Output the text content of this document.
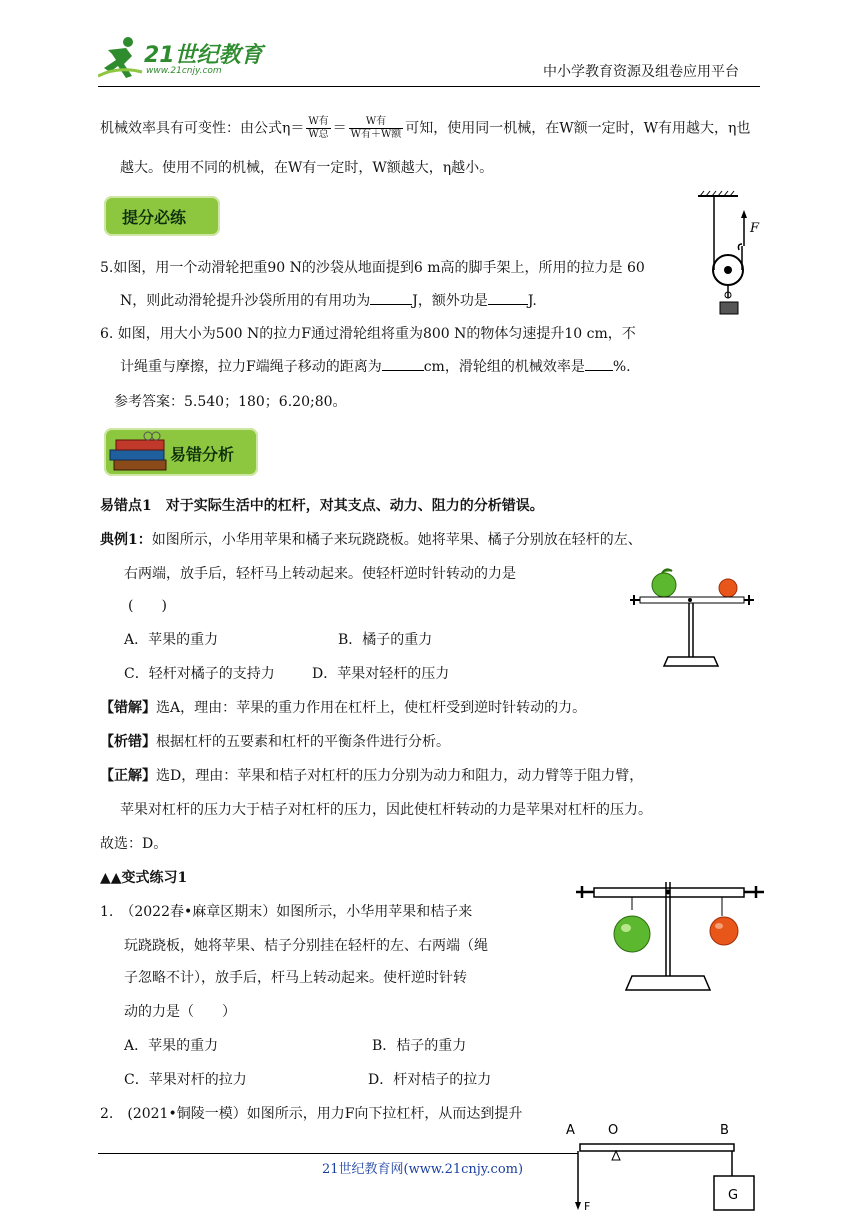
21世纪教育
www.21cnjy.com	中小学教育资源及组卷应用平台
机械效率具有可变性：由公式$\eta= \frac{\text{W有}}{\text{W总}} = \frac{\text{W有}}{\text{W有＋W额}}$ 可知，使用同一机械，在W额一定时，W有用越大，η也
越大。使用不同的机械，在W有一定时，W额越大，η越小。
提分必练
F
5.如图，用一个动滑轮把重90 N的沙袋从地面提到6 m高的脚手架上，所用的拉力是 60
N，则此动滑轮提升沙袋所用的有用功为	J，额外功是	J.
6. 如图，用大小为500 N的拉力F通过滑轮组将重为800 N的物体匀速提升10 cm，不
计绳重与摩擦，拉力F端绳子移动的距离为	cm，滑轮组的机械效率是 %.
参考答案：5.540；180；6.20;80。
易错分析
易错点1　对于实际生活中的杠杆，对其支点、动力、阻力的分析错误。
典例1：如图所示，小华用苹果和橘子来玩跷跷板。她将苹果、橘子分别放在轻杆的左、
右两端，放手后，轻杆马上转动起来。使轻杆逆时针转动的力是
(　　)
A．苹果的重力	B．橘子的重力
C．轻杆对橘子的支持力	D．苹果对轻杆的压力
【错解】选A，理由：苹果的重力作用在杠杆上，使杠杆受到逆时针转动的力。
【析错】根据杠杆的五要素和杠杆的平衡条件进行分析。
【正解】选D，理由：苹果和桔子对杠杆的压力分别为动力和阻力，动力臂等于阻力臂，
苹果对杠杆的压力大于桔子对杠杆的压力，因此使杠杆转动的力是苹果对杠杆的压力。
故选：D。
▲▲变式练习1
1.　（2022春•麻章区期末）如图所示，小华用苹果和桔子来
玩跷跷板，她将苹果、桔子分别挂在轻杆的左、右两端（绳
子忽略不计），放手后，杆马上转动起来。使杆逆时针转
动的力是（　　）
A．苹果的重力	B．桔子的重力
C．苹果对杆的拉力	D．杆对桔子的拉力
2.　(2021•铜陵一模）如图所示，用力F向下拉杠杆，从而达到提升
A	O	B
F
G
21世纪教育网(www.21cnjy.com)
